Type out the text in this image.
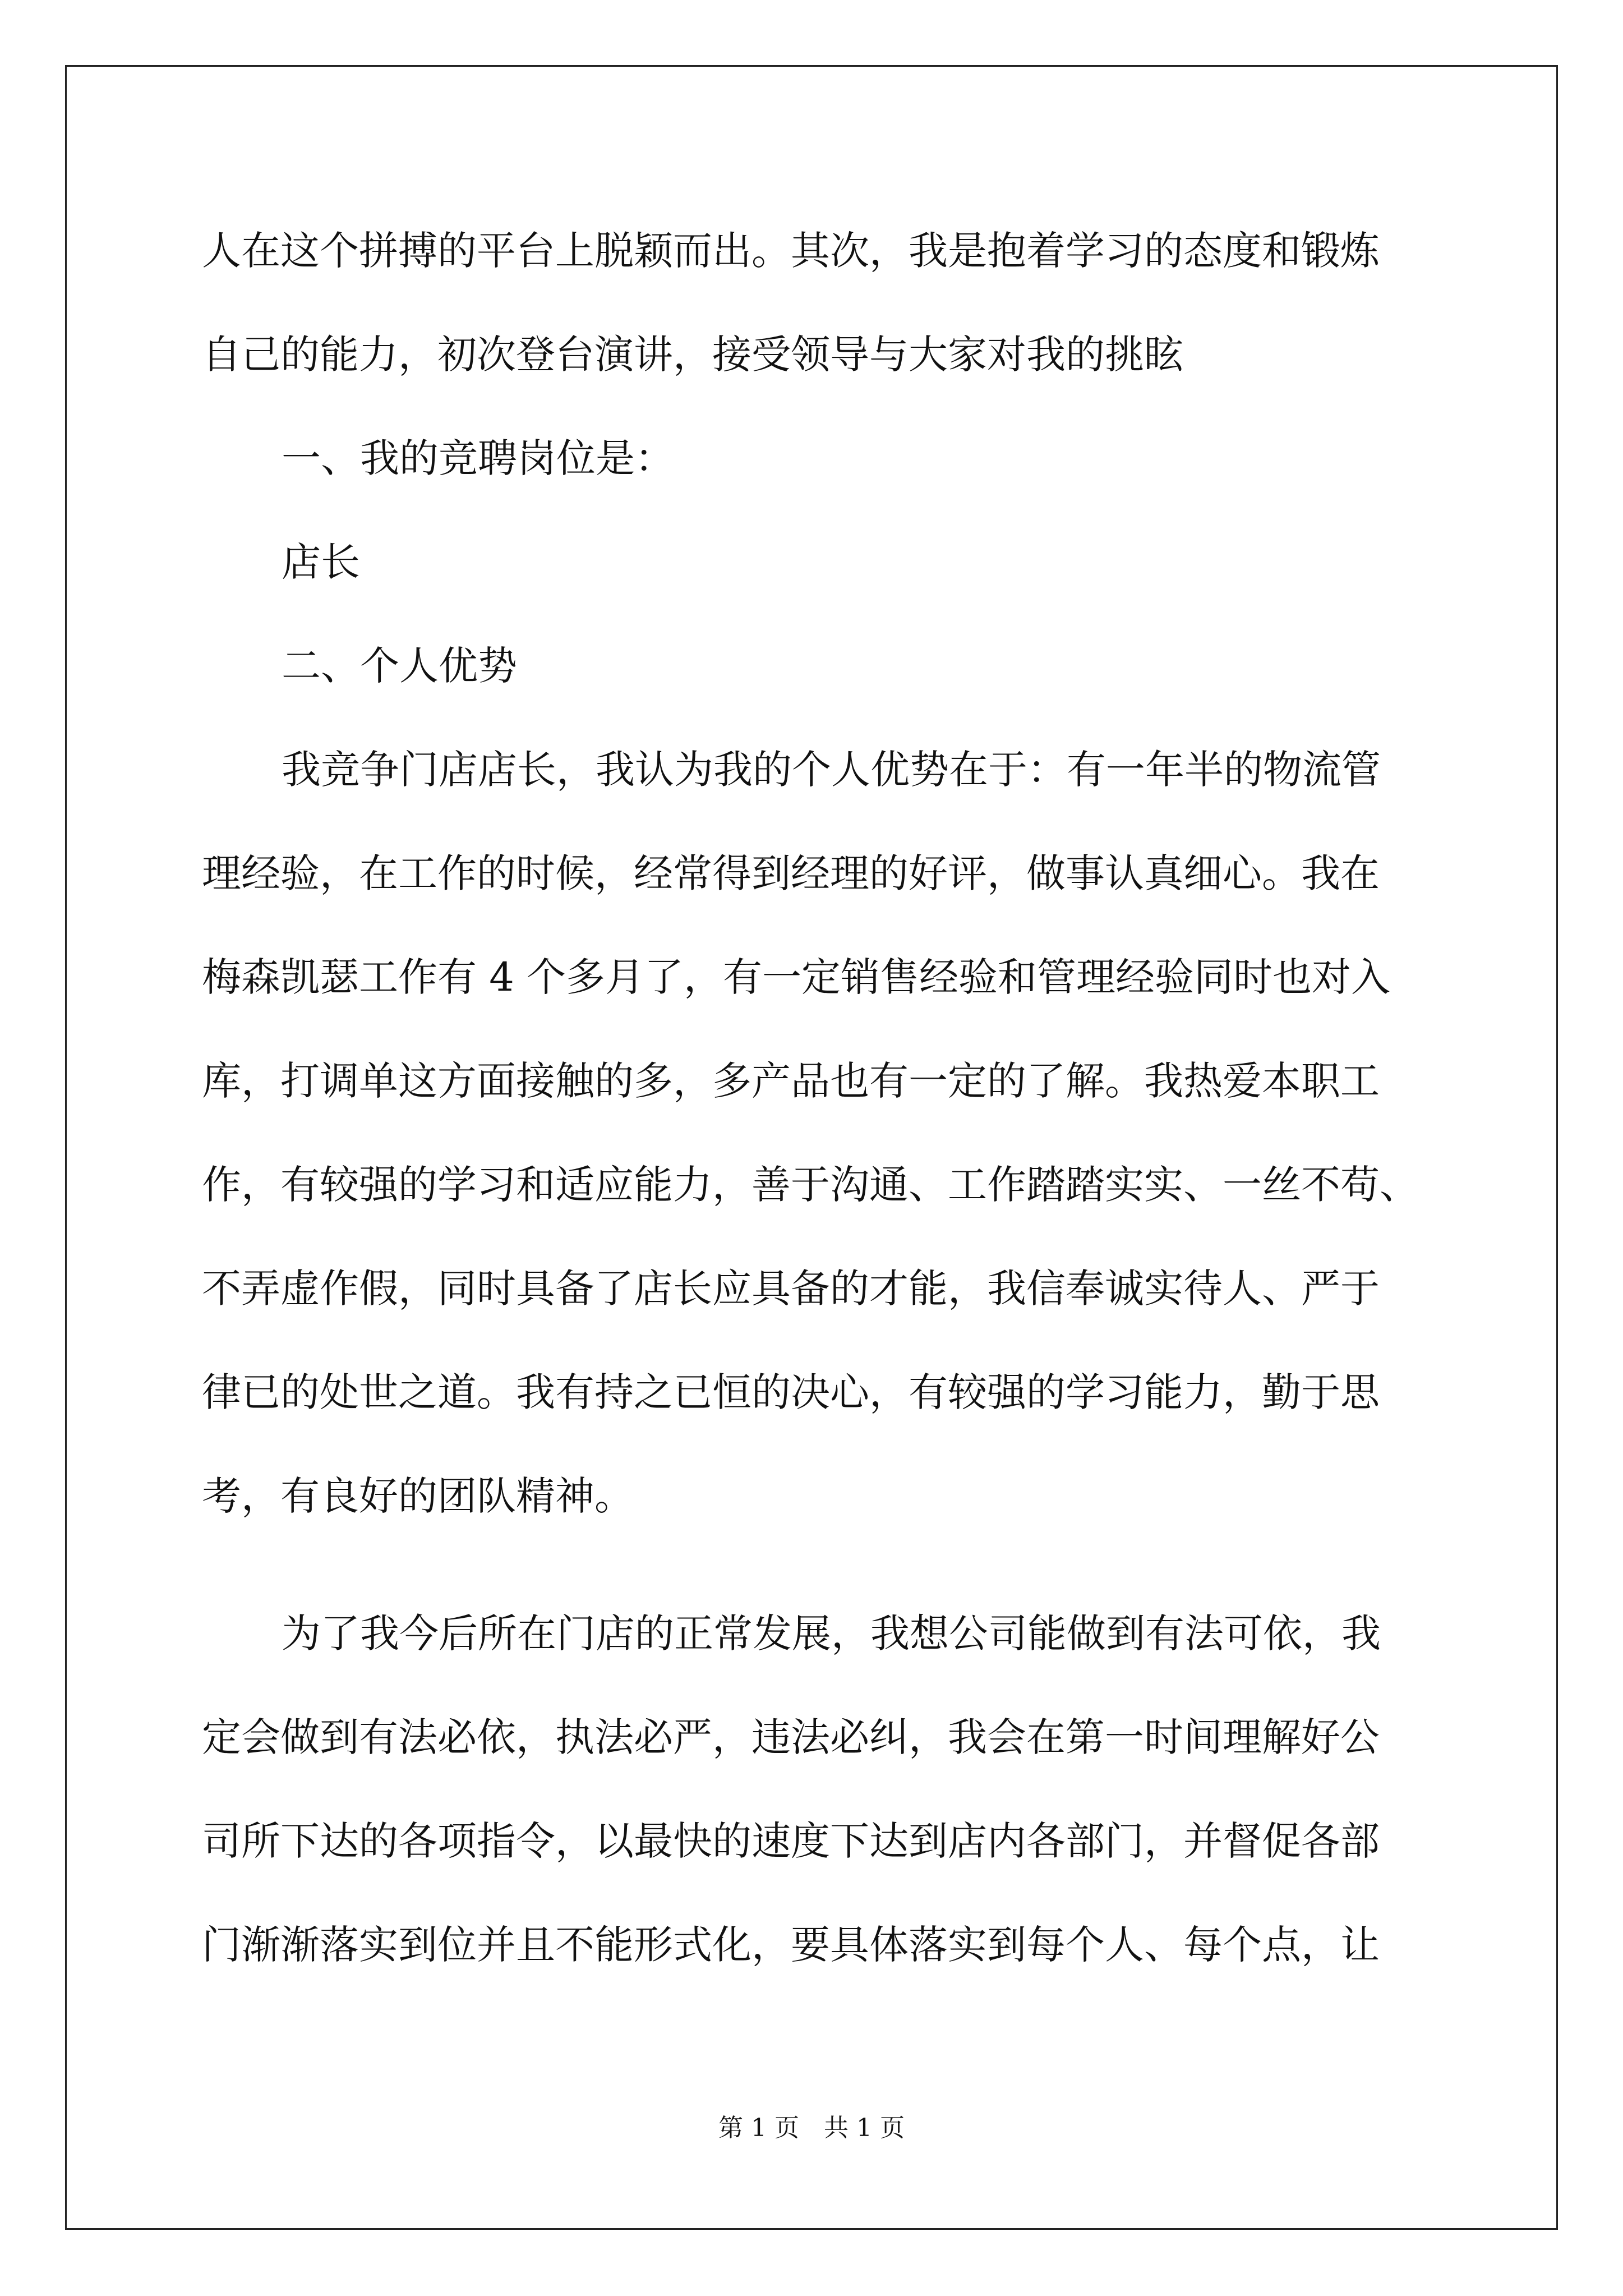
人在这个拼搏的平台上脱颖而出。其次，我是抱着学习的态度和锻炼
自己的能力，初次登台演讲，接受领导与大家对我的挑眩
一、我的竞聘岗位是：
店长
二、个人优势
我竞争门店店长，我认为我的个人优势在于：有一年半的物流管
理经验，在工作的时候，经常得到经理的好评，做事认真细心。我在
梅森凯瑟工作有 4 个多月了，有一定销售经验和管理经验同时也对入
库，打调单这方面接触的多，多产品也有一定的了解。我热爱本职工
作，有较强的学习和适应能力，善于沟通、工作踏踏实实、一丝不苟、
不弄虚作假，同时具备了店长应具备的才能，我信奉诚实待人、严于
律已的处世之道。我有持之已恒的决心，有较强的学习能力，勤于思
考，有良好的团队精神。
为了我今后所在门店的正常发展，我想公司能做到有法可依，我
定会做到有法必依，执法必严，违法必纠，我会在第一时间理解好公
司所下达的各项指令，以最快的速度下达到店内各部门，并督促各部
门渐渐落实到位并且不能形式化，要具体落实到每个人、每个点，让
第 1 页　共 1 页
